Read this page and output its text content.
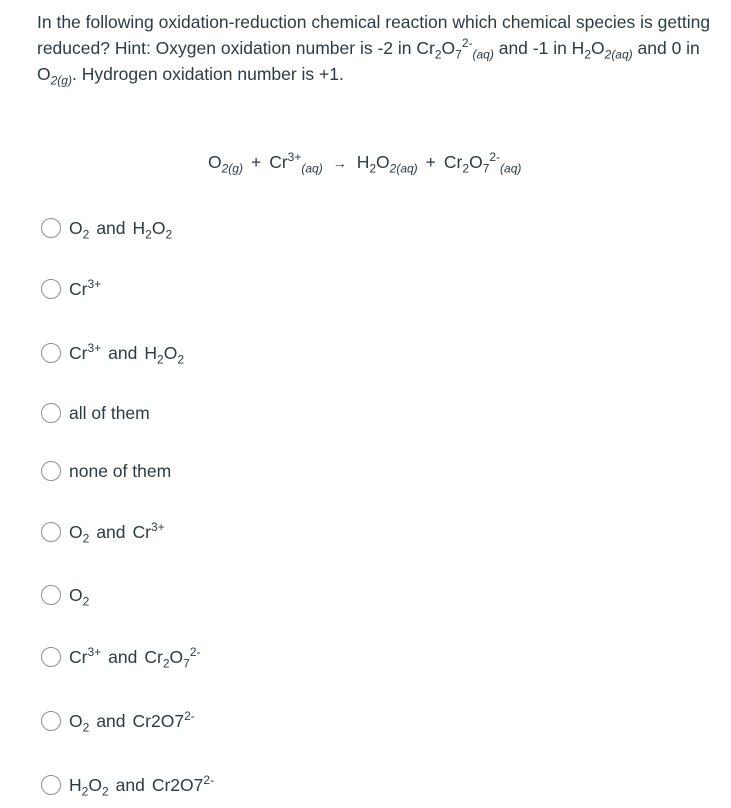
In the following oxidation-reduction chemical reaction which chemical species is getting reduced? Hint: Oxygen oxidation number is -2 in $Cr_2O_7^{2-}_{(aq)}$ and -1 in $H_2O_{2(aq)}$ and 0 in $O_{2(g)}$. Hydrogen oxidation number is +1.

$O_{2(g)} + Cr^{3+}_{(aq)} \to H_2O_{2(aq)} + Cr_2O_7^{2-}_{(aq)}$
$O_2$ and $H_2O_2$
$Cr^{3+}$
$Cr^{3+}$ and $H_2O_2$
all of them
none of them
$O_2$ and $Cr^{3+}$
$O_2$
$Cr^{3+}$ and $Cr_2O_7^{2-}$
$O_2$ and $Cr2O7^{2-}$
$H_2O_2$ and $Cr2O7^{2-}$
